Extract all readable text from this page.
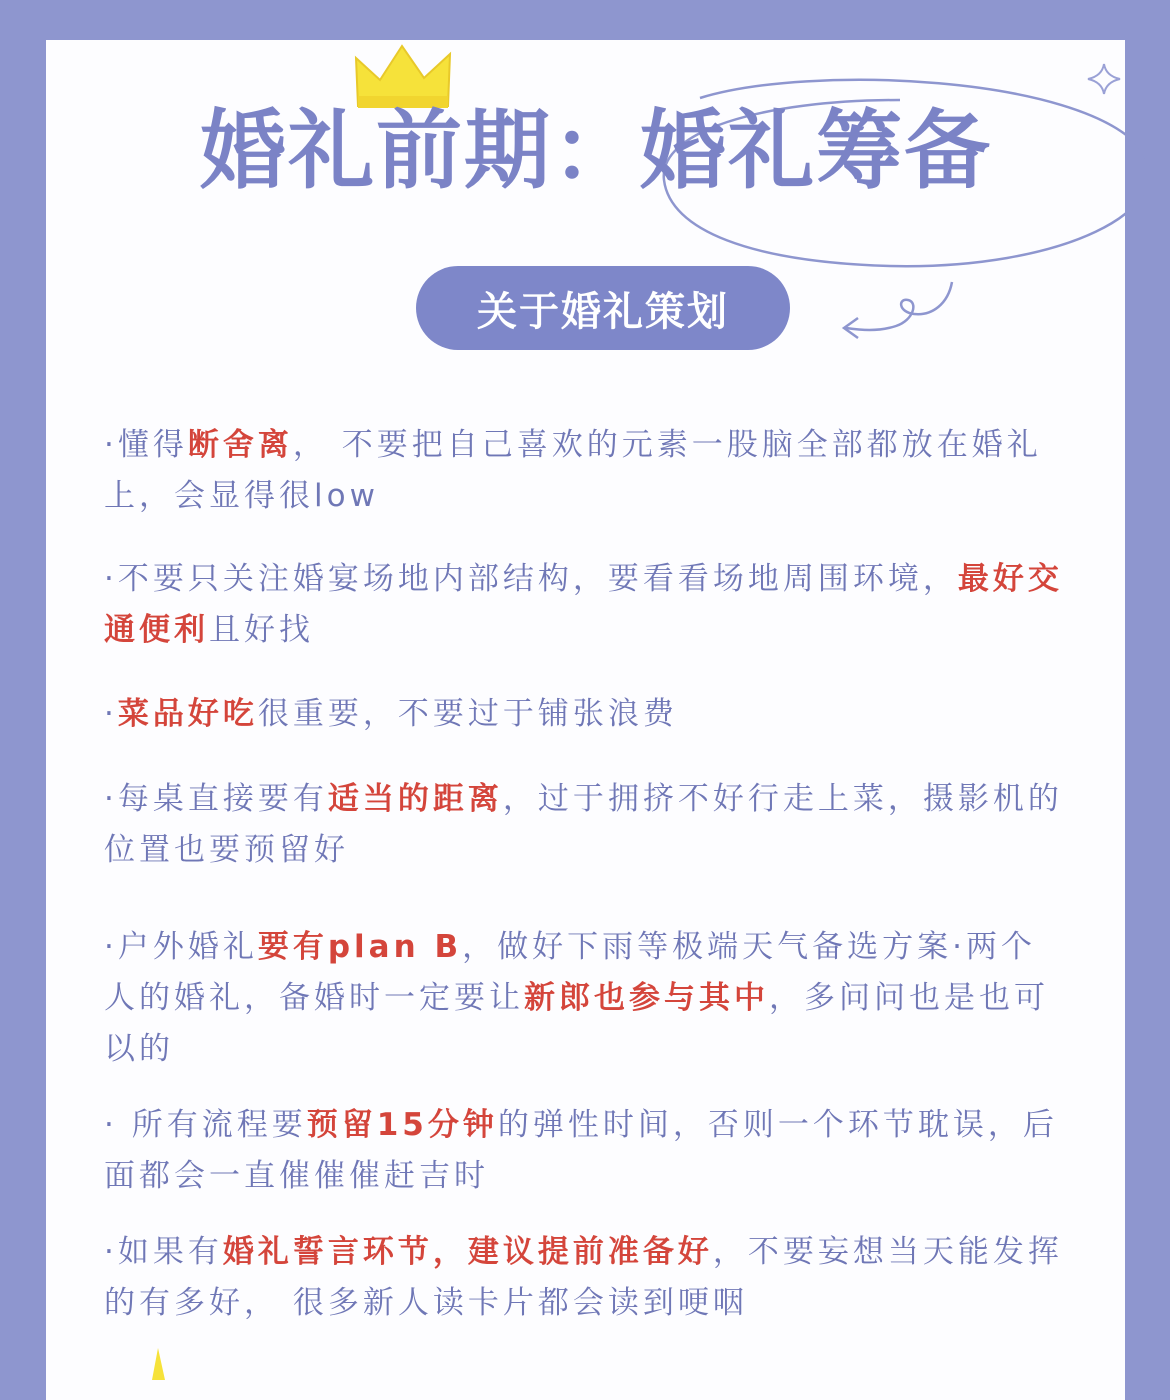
婚礼前期：婚礼筹备
关于婚礼策划
·懂得断舍离， 不要把自己喜欢的元素一股脑全部都放在婚礼上，会显得很low
·不要只关注婚宴场地内部结构，要看看场地周围环境，最好交通便利且好找
·菜品好吃很重要，不要过于铺张浪费
·每桌直接要有适当的距离，过于拥挤不好行走上菜，摄影机的位置也要预留好
·户外婚礼要有plan B，做好下雨等极端天气备选方案·两个人的婚礼，备婚时一定要让新郎也参与其中，多问问也是也可以的
· 所有流程要预留15分钟的弹性时间，否则一个环节耽误，后面都会一直催催催赶吉时
·如果有婚礼誓言环节，建议提前准备好，不要妄想当天能发挥的有多好， 很多新人读卡片都会读到哽咽
